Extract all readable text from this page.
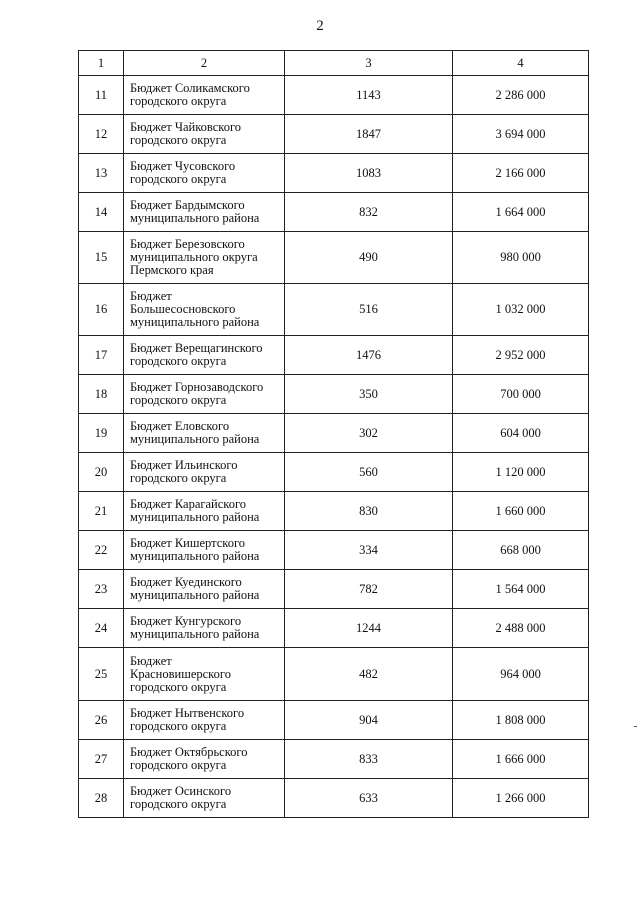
2
1	2	3	4
11	Бюджет Соликамского
городского округа	1143	2 286 000
12	Бюджет Чайковского
городского округа	1847	3 694 000
13	Бюджет Чусовского
городского округа	1083	2 166 000
14	Бюджет Бардымского
муниципального района	832	1 664 000
15	Бюджет Березовского
муниципального округа
Пермского края	490	980 000
16	Бюджет
Большесосновского
муниципального района	516	1 032 000
17	Бюджет Верещагинского
городского округа	1476	2 952 000
18	Бюджет Горнозаводского
городского округа	350	700 000
19	Бюджет Еловского
муниципального района	302	604 000
20	Бюджет Ильинского
городского округа	560	1 120 000
21	Бюджет Карагайского
муниципального района	830	1 660 000
22	Бюджет Кишертского
муниципального района	334	668 000
23	Бюджет Куединского
муниципального района	782	1 564 000
24	Бюджет Кунгурского
муниципального района	1244	2 488 000
25	Бюджет
Красновишерского
городского округа	482	964 000
26	Бюджет Нытвенского
городского округа	904	1 808 000
27	Бюджет Октябрьского
городского округа	833	1 666 000
28	Бюджет Осинского
городского округа	633	1 266 000
